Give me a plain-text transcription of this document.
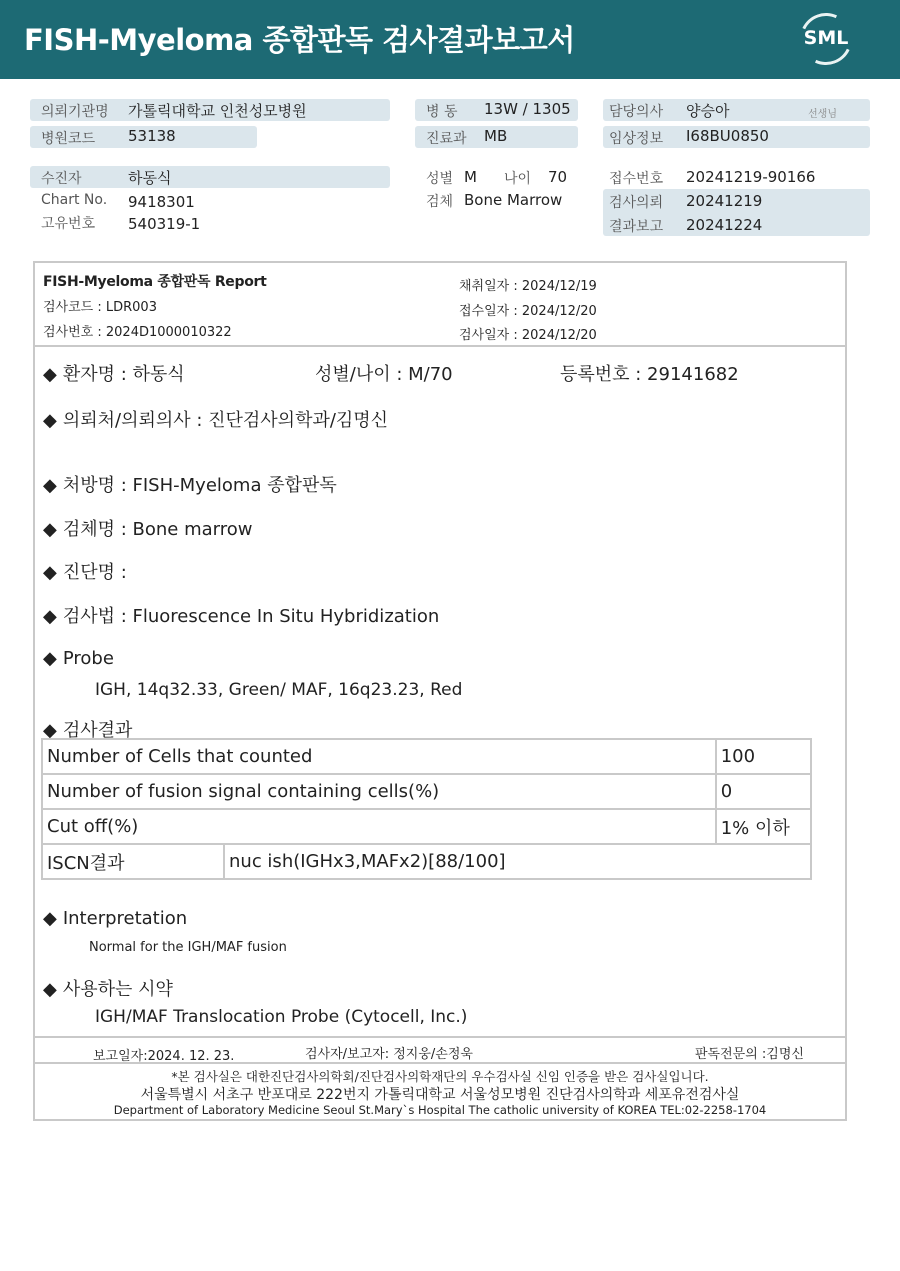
FISH-Myeloma 종합판독 검사결과보고서	SML
의뢰기관명 가톨릭대학교 인천성모병원
병원코드 53138
병 동 13W / 1305
진료과 MB
담당의사 양승아	선생님
임상정보 I68BU0850
수진자	하동식
Chart No. 9418301
고유번호 540319-1
성별 M 나이 70
검체 Bone Marrow
접수번호 20241219-90166
검사의뢰 20241219
결과보고 20241224
FISH-Myeloma 종합판독 Report
검사코드 : LDR003
검사번호 : 2024D1000010322
채취일자 : 2024/12/19
접수일자 : 2024/12/20
검사일자 : 2024/12/20
◆ 환자명 : 하동식	성별/나이 : M/70	등록번호 : 29141682
◆ 의뢰처/의뢰의사 : 진단검사의학과/김명신
◆ 처방명 : FISH-Myeloma 종합판독
◆ 검체명 : Bone marrow
◆ 진단명 :
◆ 검사법 : Fluorescence In Situ Hybridization
◆ Probe
IGH, 14q32.33, Green/ MAF, 16q23.23, Red
◆ 검사결과
Number of Cells that counted		100
Number of fusion signal containing cells(%)		0
Cut off(%)		1% 이하
ISCN결과	nuc ish(IGHx3,MAFx2)[88/100]	
◆ Interpretation
Normal for the IGH/MAF fusion
◆ 사용하는 시약
IGH/MAF Translocation Probe (Cytocell, Inc.)
보고일자:2024. 12. 23.	검사자/보고자: 정지웅/손정욱	판독전문의 :김명신
*본 검사실은 대한진단검사의학회/진단검사의학재단의 우수검사실 신임 인증을 받은 검사실입니다.
서울특별시 서초구 반포대로 222번지 가톨릭대학교 서울성모병원 진단검사의학과 세포유전검사실
Department of Laboratory Medicine Seoul St.Mary`s Hospital The catholic university of KOREA TEL:02-2258-1704
